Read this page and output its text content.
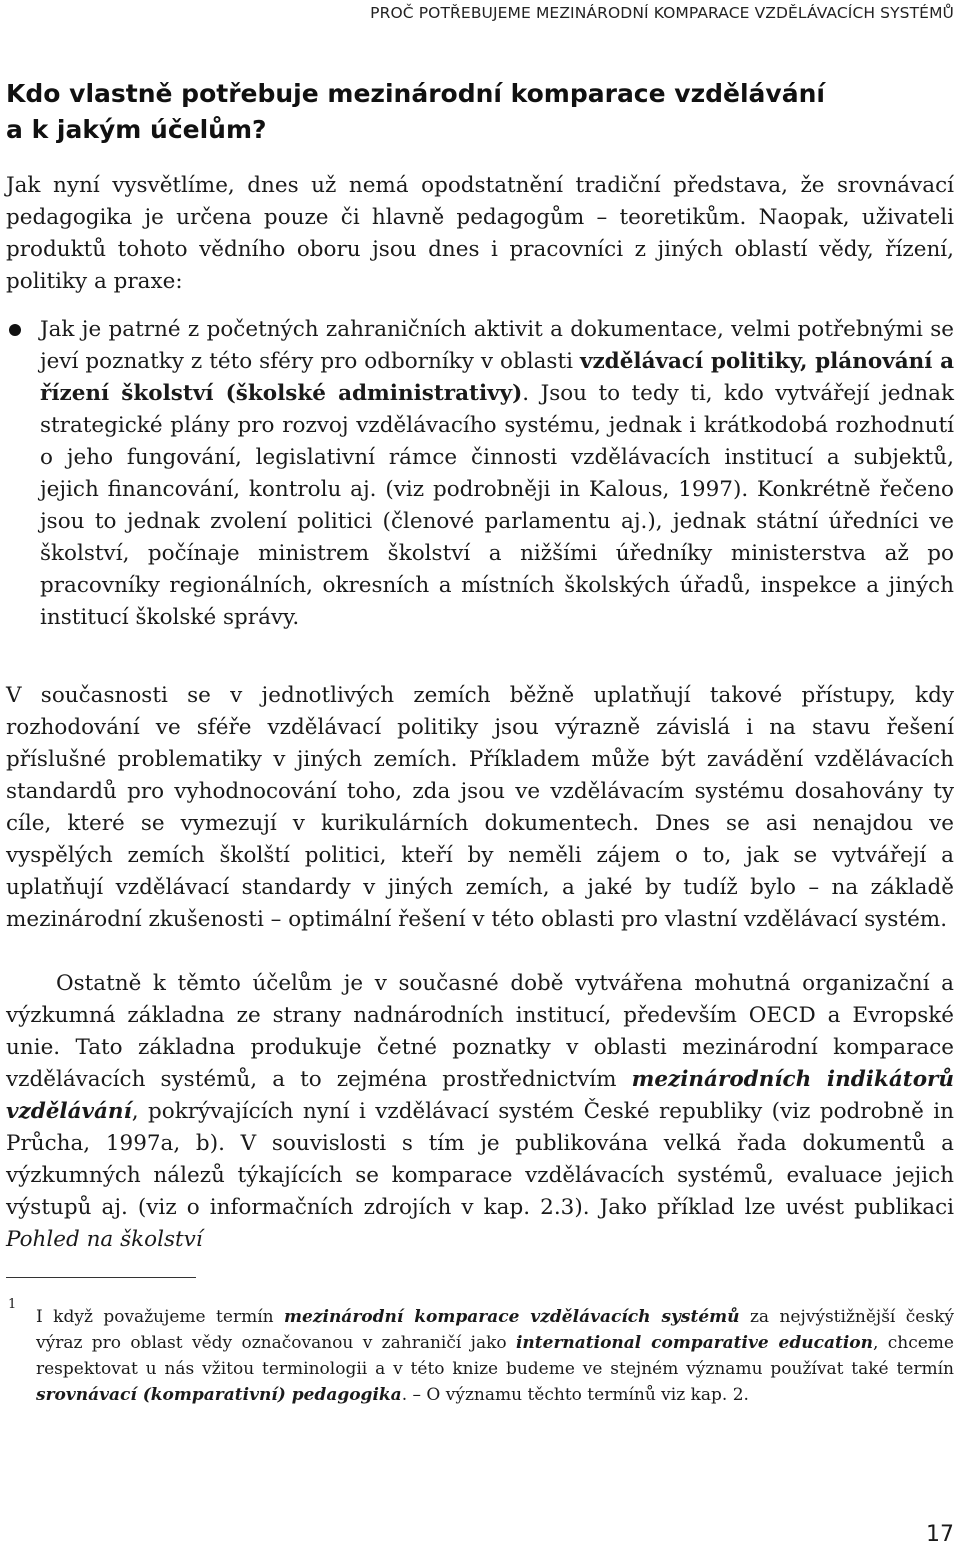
PROČ POTŘEBUJEME MEZINÁRODNÍ KOMPARACE VZDĚLÁVACÍCH SYSTÉMŮ
Kdo vlastně potřebuje mezinárodní komparace vzdělávání
a k jakým účelům?

Jak nyní vysvětlíme, dnes už nemá opodstatnění tradiční představa, že srovnávací pedagogika je určena pouze či hlavně pedagogům – teoretikům. Naopak, uživateli produktů tohoto vědního oboru jsou dnes i pracovníci z jiných oblastí vědy, řízení, politiky a praxe:

Jak je patrné z početných zahraničních aktivit a dokumentace, velmi potřebnými se jeví poznatky z této sféry pro odborníky v oblasti vzdělávací politiky, plánování a řízení školství (školské administrativy). Jsou to tedy ti, kdo vytvářejí jednak strategické plány pro rozvoj vzdělávacího systému, jednak i krátkodobá rozhodnutí o jeho fungování, legislativní rámce činnosti vzdělávacích institucí a subjektů, jejich financování, kontrolu aj. (viz podrobněji in Kalous, 1997). Konkrétně řečeno jsou to jednak zvolení politici (členové parlamentu aj.), jednak státní úředníci ve školství, počínaje ministrem školství a nižšími úředníky ministerstva až po pracovníky regionálních, okresních a místních školských úřadů, inspekce a jiných institucí školské správy.

V současnosti se v jednotlivých zemích běžně uplatňují takové přístupy, kdy rozhodování ve sféře vzdělávací politiky jsou výrazně závislá i na stavu řešení příslušné problematiky v jiných zemích. Příkladem může být zavádění vzdělávacích standardů pro vyhodnocování toho, zda jsou ve vzdělávacím systému dosahovány ty cíle, které se vymezují v kurikulárních dokumentech. Dnes se asi nenajdou ve vyspělých zemích školští politici, kteří by neměli zájem o to, jak se vytvářejí a uplatňují vzdělávací standardy v jiných zemích, a jaké by tudíž bylo – na základě mezinárodní zkušenosti – optimální řešení v této oblasti pro vlastní vzdělávací systém.

Ostatně k těmto účelům je v současné době vytvářena mohutná organizační a výzkumná základna ze strany nadnárodních institucí, především OECD a Evropské unie. Tato základna produkuje četné poznatky v oblasti mezinárodní komparace vzdělávacích systémů, a to zejména prostřednictvím mezinárodních indikátorů vzdělávání, pokrývajících nyní i vzdělávací systém České republiky (viz podrobně in Průcha, 1997a, b). V souvislosti s tím je publikována velká řada dokumentů a výzkumných nálezů týkajících se komparace vzdělávacích systémů, evaluace jejich výstupů aj. (viz o informačních zdrojích v kap. 2.3). Jako příklad lze uvést publikaci Pohled na školství

1

I když považujeme termín mezinárodní komparace vzdělávacích systémů za nejvýstižnější český výraz pro oblast vědy označovanou v zahraničí jako international comparative education, chceme respektovat u nás vžitou terminologii a v této knize budeme ve stejném významu používat také termín srovnávací (komparativní) pedagogika. – O významu těchto termínů viz kap. 2.

17
